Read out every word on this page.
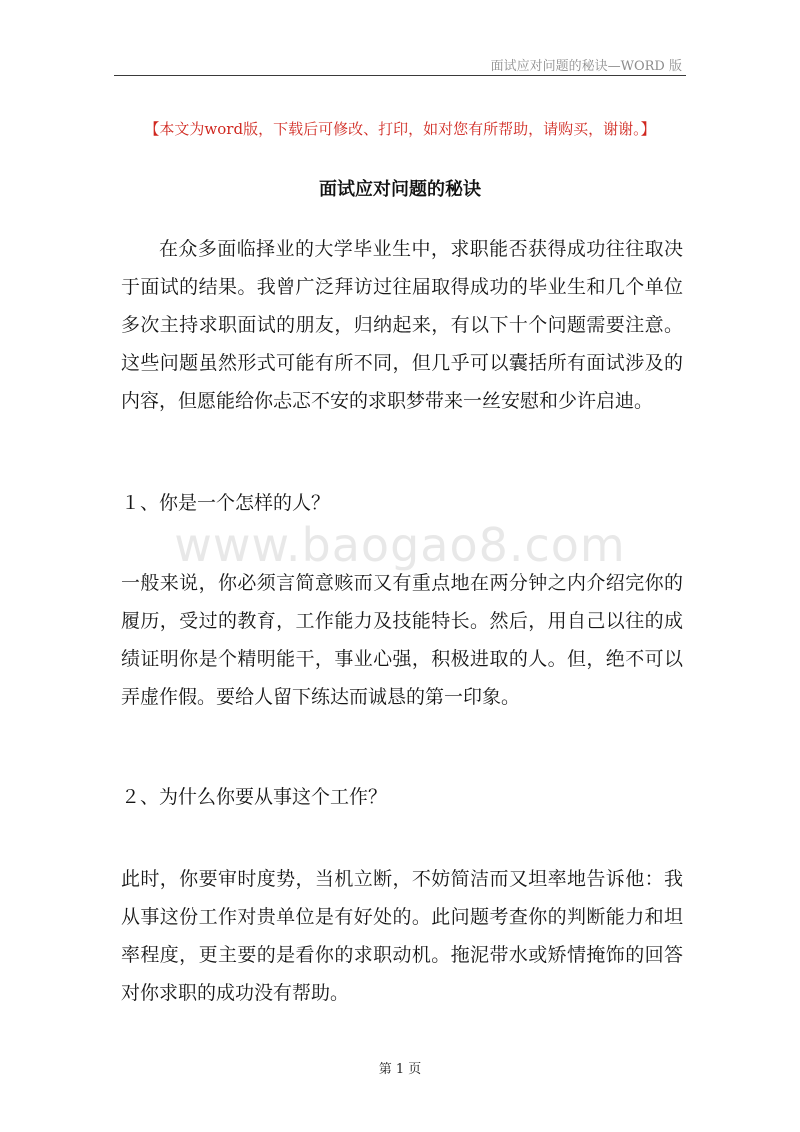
面试应对问题的秘诀—WORD 版
【本文为word版，下载后可修改、打印，如对您有所帮助，请购买，谢谢。】
面试应对问题的秘诀

在众多面临择业的大学毕业生中，求职能否获得成功往往取决于面试的结果。我曾广泛拜访过往届取得成功的毕业生和几个单位多次主持求职面试的朋友，归纳起来，有以下十个问题需要注意。这些问题虽然形式可能有所不同，但几乎可以囊括所有面试涉及的内容，但愿能给你忐忑不安的求职梦带来一丝安慰和少许启迪。

１、你是一个怎样的人？
www.baogao8.com

一般来说，你必须言简意赅而又有重点地在两分钟之内介绍完你的履历，受过的教育，工作能力及技能特长。然后，用自己以往的成绩证明你是个精明能干，事业心强，积极进取的人。但，绝不可以弄虚作假。要给人留下练达而诚恳的第一印象。

２、为什么你要从事这个工作？

此时，你要审时度势，当机立断，不妨简洁而又坦率地告诉他：我从事这份工作对贵单位是有好处的。此问题考查你的判断能力和坦率程度，更主要的是看你的求职动机。拖泥带水或矫情掩饰的回答对你求职的成功没有帮助。

第 1 页
